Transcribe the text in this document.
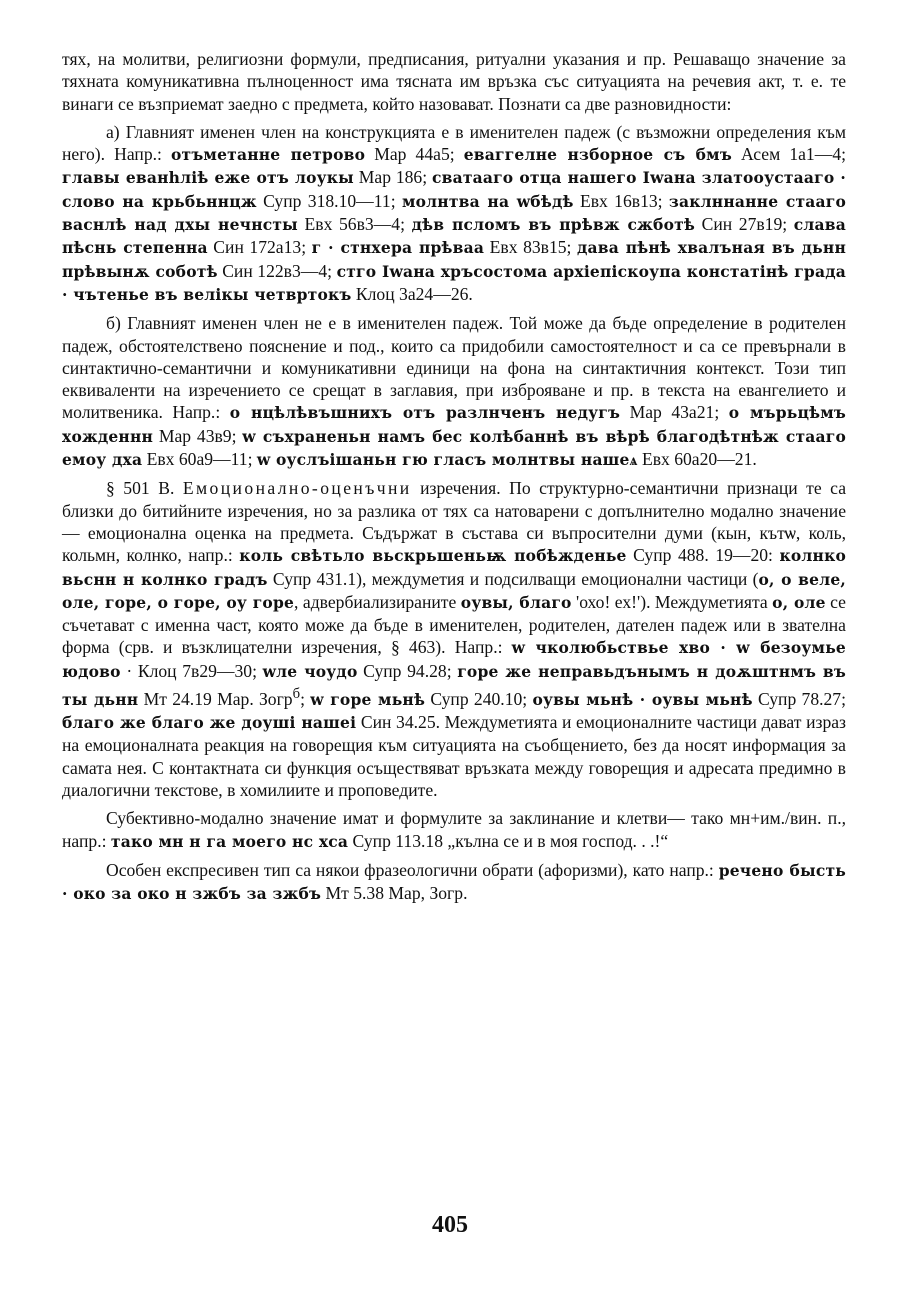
тях, на молитви, религиозни формули, предписания, ритуални указания и пр. Решаващо значение за тяхната комуникативна пълноценност има тясната им връзка със ситуацията на речевия акт, т. е. те винаги се възприемат заедно с предмета, който назовават. Познати са две разновидности:

а) Главният именен член на конструкцията е в именителен падеж (с възможни определения към него). Напр.: отъметанне петрово Мар 44а5; еваггелне нзборное съ бмъ Асем 1а1—4; главы еванһліѣ еже отъ лоукы Мар 186; сватааго отца нашего Іwана златооустааго · слово на крьбьннцж Супр 318.10—11; молнтва на wбѣдѣ Евх 16в13; заклннанне стааго васнлѣ над дхы нечнсты Евх 56в3—4; дѣв псломъ въ прѣвж сжботѣ Син 27в19; слава пѣснь степенна Син 172а13; г · стнхера прѣваа Евх 83в15; дава пѣнѣ хвалъная въ дьнн прѣвынѫ соботѣ Син 122в3—4; стго Іwана хръсостома архіепіскоупа констатінѣ града · чътенье въ велікы четвртокъ Клоц 3а24—26.

б) Главният именен член не е в именителен падеж. Той може да бъде определение в родителен падеж, обстоятелствено пояснение и под., които са придобили самостоятелност и са се превърнали в синтактично-семантични и комуникативни единици на фона на синтактичния контекст. Този тип еквиваленти на изречението се срещат в заглавия, при изброяване и пр. в текста на евангелието и молитвеника. Напр.: о нцѣлѣвъшнихъ отъ разлнченъ недугъ Мар 43а21; о мърьцѣмъ хожденнн Мар 43в9; w съхраненьн намъ бес колѣбаннѣ въ вѣрѣ благодѣтнѣж стааго емоу дха Евх 60а9—11; w оуслъішаньн гю гласъ молнтвы нашеѧ Евх 60а20—21.

§ 501 В. Емоционално-оценъчни изречения. По структурно-семантични признаци те са близки до битийните изречения, но за разлика от тях са натоварени с допълнително модално значение — емоционална оценка на предмета. Съдържат в състава си въпросителни думи (кын, кътѡ, коль, кольмн, колнко, напр.: коль свѣтьло вьскрьшеньѭ побѣжденье Супр 488. 19—20: колнко вьснн н колнко градъ Супр 431.1), междуметия и подсилващи емоционални частици (о, о веле, оле, горе, о горе, оу горе, адвербиализираните оувы, благо 'охо! ех!'). Междуметията о, оле се съчетават с именна част, която може да бъде в именителен, родителен, дателен падеж или в звателна форма (срв. и възклицателни изречения, § 463). Напр.: w чколюбьствье хво · w безоумье юдово · Клоц 7в29—30; wле чоудо Супр 94.28; горе же неправьдънымъ н доѫштнмъ въ ты дьнн Мт 24.19 Мар. Зогр$^б$; w горе мьнѣ Супр 240.10; оувы мьнѣ · оувы мьнѣ Супр 78.27; благо же благо же доуші нашеі Син 34.25. Междуметията и емоционалните частици дават израз на емоционалната реакция на говорещия към ситуацията на съобщението, без да носят информация за самата нея. С контактната си функция осъществяват връзката между говорещия и адресата предимно в диалогични текстове, в хомилиите и проповедите.

Субективно-модално значение имат и формулите за заклинание и клетви— тако мн+им./вин. п., напр.: тако мн н га моего нс хса Супр 113.18 „кълна се и в моя господ. . .!“

Особен експресивен тип са някои фразеологични обрати (афоризми), като напр.: речено бысть · око за око н зжбъ за зжбъ Мт 5.38 Мар, Зогр.

405
